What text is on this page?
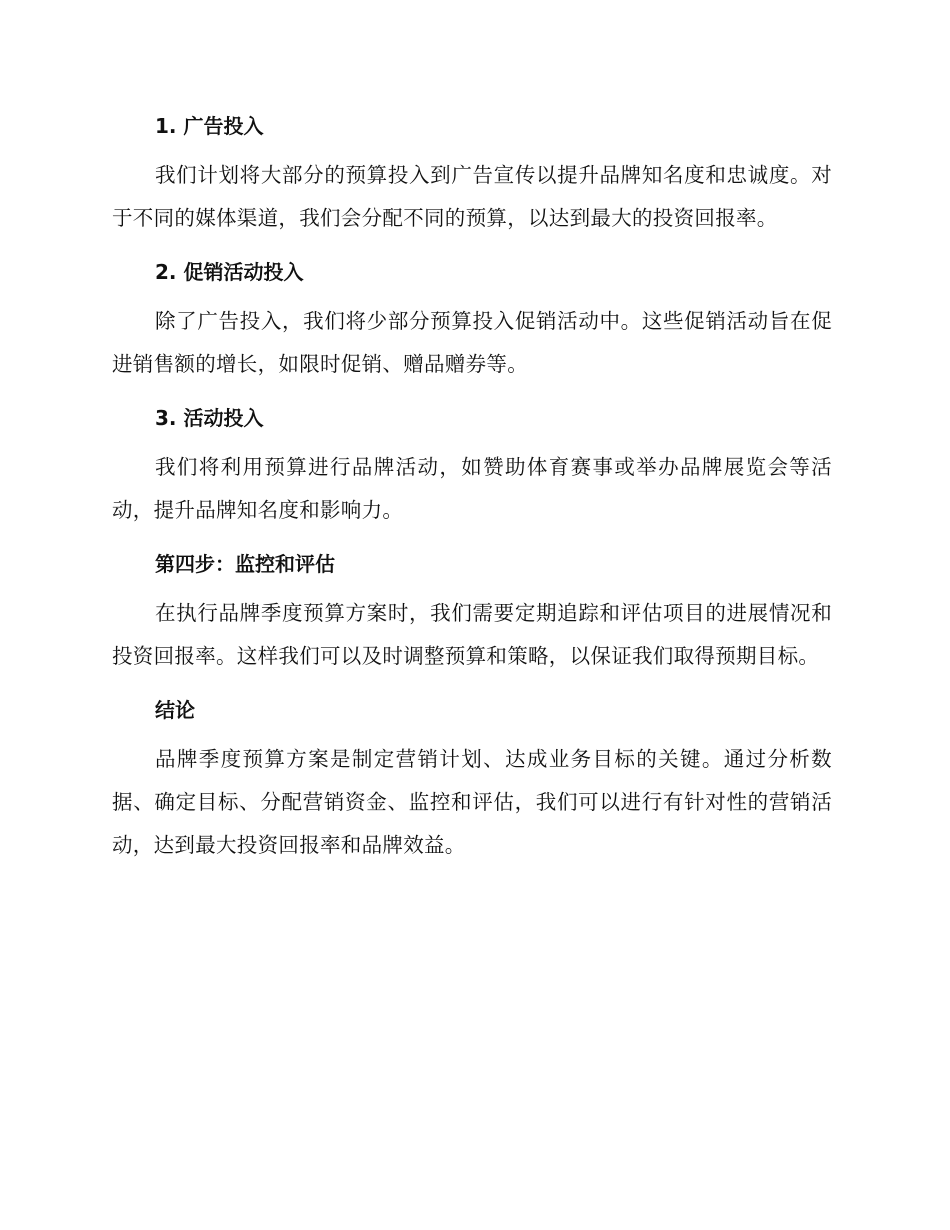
1. 广告投入

我们计划将大部分的预算投入到广告宣传以提升品牌知名度和忠诚度。对于不同的媒体渠道，我们会分配不同的预算，以达到最大的投资回报率。

2. 促销活动投入

除了广告投入，我们将少部分预算投入促销活动中。这些促销活动旨在促进销售额的增长，如限时促销、赠品赠券等。

3. 活动投入

我们将利用预算进行品牌活动，如赞助体育赛事或举办品牌展览会等活动，提升品牌知名度和影响力。

第四步：监控和评估

在执行品牌季度预算方案时，我们需要定期追踪和评估项目的进展情况和投资回报率。这样我们可以及时调整预算和策略，以保证我们取得预期目标。

结论

品牌季度预算方案是制定营销计划、达成业务目标的关键。通过分析数据、确定目标、分配营销资金、监控和评估，我们可以进行有针对性的营销活动，达到最大投资回报率和品牌效益。
